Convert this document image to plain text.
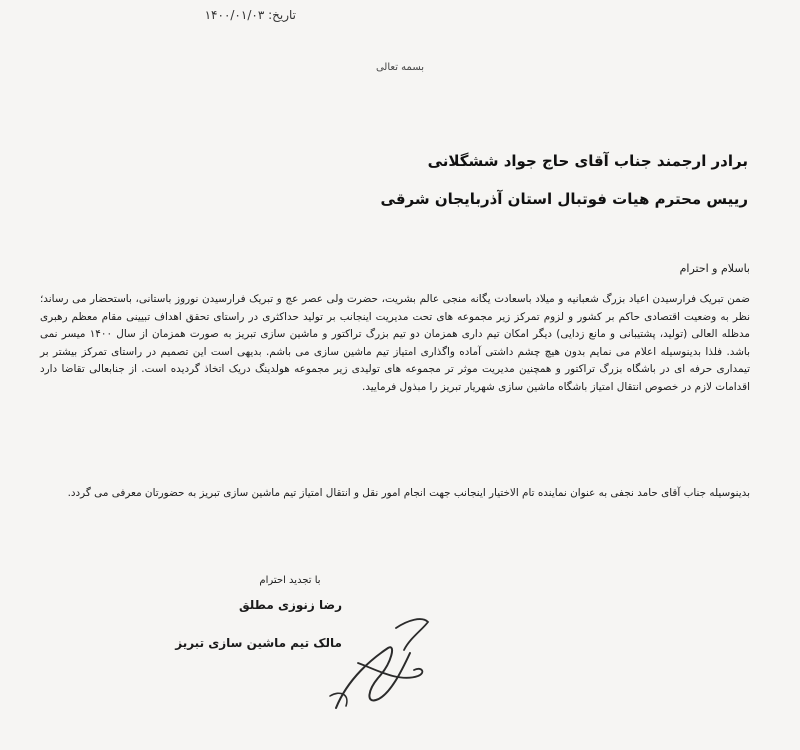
تاریخ: ۱۴۰۰/۰۱/۰۳
بسمه تعالی
برادر ارجمند جناب آقای حاج جواد ششگلانی
رییس محترم هیات فوتبال استان آذربایجان شرقی
باسلام و احترام
ضمن تبریک فرارسیدن اعیاد بزرگ شعبانیه و میلاد باسعادت یگانه منجی عالم بشریت، حضرت ولی عصر عج و تبریک فرارسیدن نوروز باستانی، باستحضار می رساند؛ نظر به وضعیت اقتصادی حاکم بر کشور و لزوم تمرکز زیر مجموعه های تحت مدیریت اینجانب بر تولید حداکثری در راستای تحقق اهداف تبیینی مقام معظم رهبری مدظله العالی (تولید، پشتیبانی و مانع زدایی) دیگر امکان تیم داری همزمان دو تیم بزرگ تراکتور و ماشین سازی تبریز به صورت همزمان از سال ۱۴۰۰ میسر نمی باشد. فلذا بدینوسیله اعلام می نمایم بدون هیچ چشم داشتی آماده واگذاری امتیاز تیم ماشین سازی می باشم. بدیهی است این تصمیم در راستای تمرکز بیشتر بر تیمداری حرفه ای در باشگاه بزرگ تراکتور و همچنین مدیریت موثر تر مجموعه های تولیدی زیر مجموعه هولدینگ دریک اتخاذ گردیده است. از جنابعالی تقاضا دارد اقدامات لازم در خصوص انتقال امتیاز باشگاه ماشین سازی شهریار تبریز را مبذول فرمایید.
بدینوسیله جناب آقای حامد نجفی به عنوان نماینده تام الاختیار اینجانب جهت انجام امور نقل و انتقال امتیاز تیم ماشین سازی تبریز به حضورتان معرفی می گردد.
با تجدید احترام
رضا زنوزی مطلق
مالک تیم ماشین سازی تبریز
